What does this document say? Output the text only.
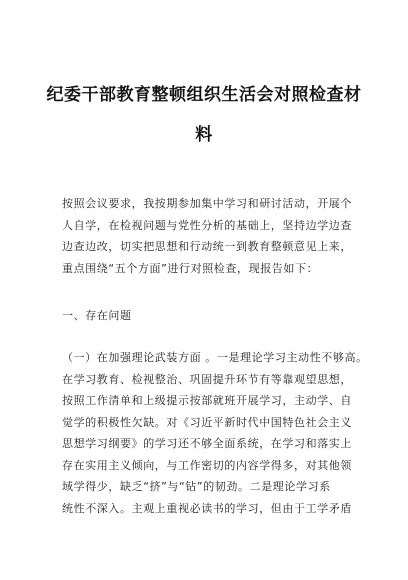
纪委干部教育整顿组织生活会对照检查材
料
按照会议要求，我按期参加集中学习和研讨活动，开展个
人自学，在检视问题与党性分析的基础上，坚持边学边查
边查边改，切实把思想和行动统一到教育整顿意见上来，
重点围绕“五个方面”进行对照检查，现报告如下：
一、存在问题
（一）在加强理论武装方面 。一是理论学习主动性不够高。
在学习教育、检视整治、巩固提升环节有等靠观望思想，
按照工作清单和上级提示按部就班开展学习，主动学、自
觉学的积极性欠缺。对《习近平新时代中国特色社会主义
思想学习纲要》的学习还不够全面系统，在学习和落实上
存在实用主义倾向，与工作密切的内容学得多，对其他领
域学得少，缺乏“挤”与“钻”的韧劲。二是理论学习系
统性不深入。主观上重视必读书的学习，但由于工学矛盾
